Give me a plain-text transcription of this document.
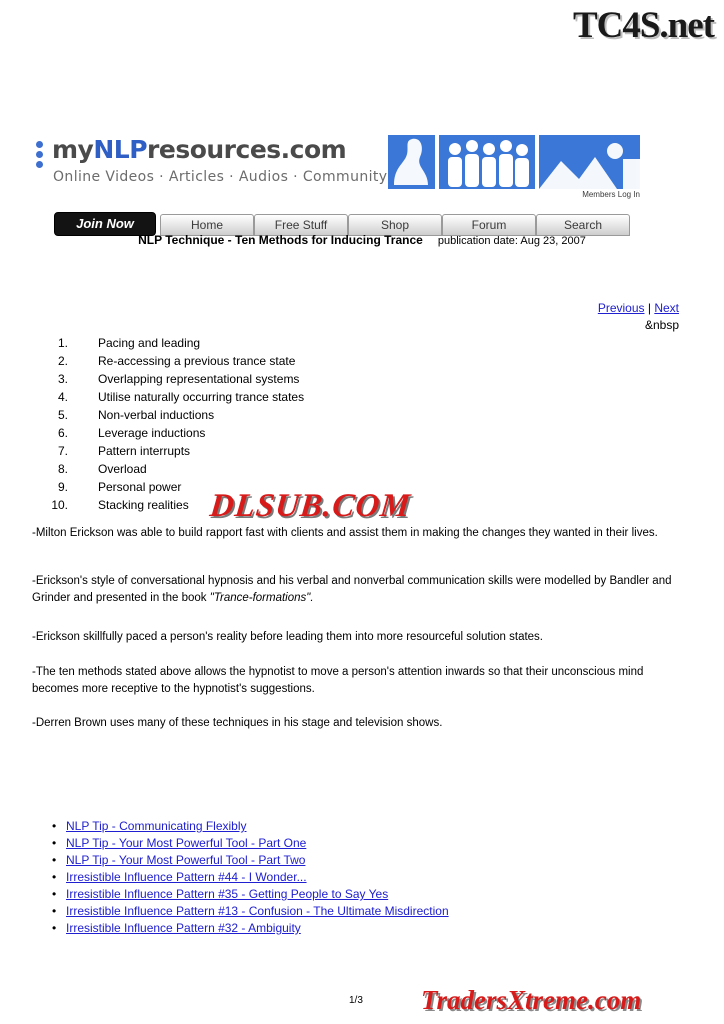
TC4S.net
myNLPresources.com
Online Videos · Articles · Audios · Community
Members Log In
Join Now	Home	Free Stuff	Shop	Forum	Search
NLP Technique - Ten Methods for Inducing Trance publication date: Aug 23, 2007
Previous | Next
&nbsp
1.	Pacing and leading
2.	Re-accessing a previous trance state
3.	Overlapping representational systems
4.	Utilise naturally occurring trance states
5.	Non-verbal inductions
6.	Leverage inductions
7.	Pattern interrupts
8.	Overload
9.	Personal power
10.	Stacking realities DLSUB.COM
-Milton Erickson was able to build rapport fast with clients and assist them in making the changes they wanted in their lives.
-Erickson's style of conversational hypnosis and his verbal and nonverbal communication skills were modelled by Bandler and Grinder and presented in the book "Trance-formations".
-Erickson skillfully paced a person's reality before leading them into more resourceful solution states.
-The ten methods stated above allows the hypnotist to move a person's attention inwards so that their unconscious mind becomes more receptive to the hypnotist's suggestions.
-Derren Brown uses many of these techniques in his stage and television shows.
• NLP Tip - Communicating Flexibly
• NLP Tip - Your Most Powerful Tool - Part One
• NLP Tip - Your Most Powerful Tool - Part Two
• Irresistible Influence Pattern #44 - I Wonder...
• Irresistible Influence Pattern #35 - Getting People to Say Yes
• Irresistible Influence Pattern #13 - Confusion - The Ultimate Misdirection
• Irresistible Influence Pattern #32 - Ambiguity
1/3 TradersXtreme.com
